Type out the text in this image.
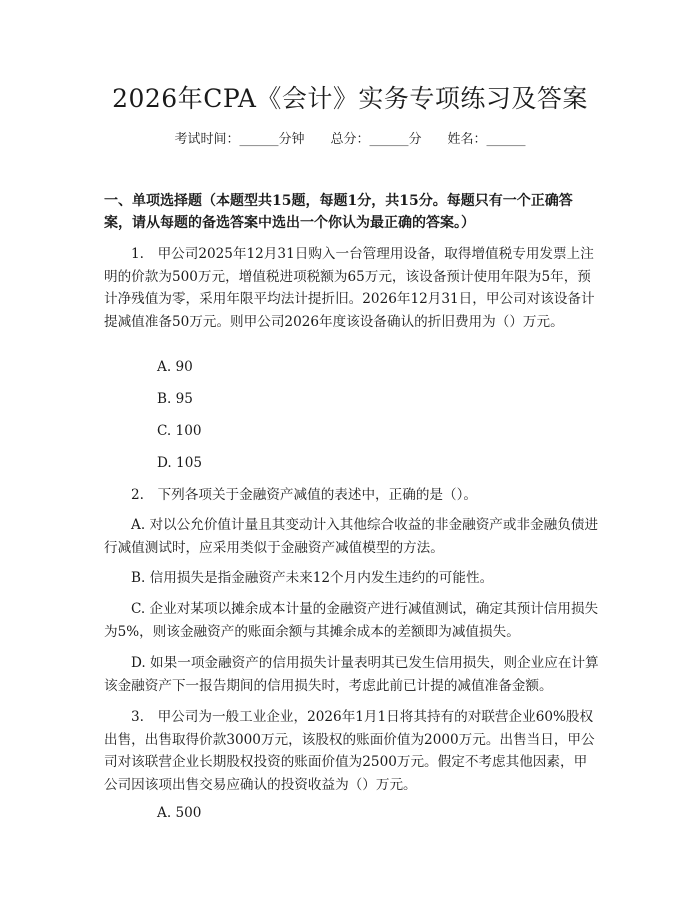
2026年CPA《会计》实务专项练习及答案
考试时间：______分钟 总分：______分 姓名：______
一、单项选择题（本题型共15题，每题1分，共15分。每题只有一个正确答案，请从每题的备选答案中选出一个你认为最正确的答案。）
1.　甲公司2025年12月31日购入一台管理用设备，取得增值税专用发票上注明的价款为500万元，增值税进项税额为65万元，该设备预计使用年限为5年，预计净残值为零，采用年限平均法计提折旧。2026年12月31日，甲公司对该设备计提减值准备50万元。则甲公司2026年度该设备确认的折旧费用为（）万元。
A. 90
B. 95
C. 100
D. 105
2.　下列各项关于金融资产减值的表述中，正确的是（）。
A. 对以公允价值计量且其变动计入其他综合收益的非金融资产或非金融负债进行减值测试时，应采用类似于金融资产减值模型的方法。
B. 信用损失是指金融资产未来12个月内发生违约的可能性。
C. 企业对某项以摊余成本计量的金融资产进行减值测试，确定其预计信用损失为5%，则该金融资产的账面余额与其摊余成本的差额即为减值损失。
D. 如果一项金融资产的信用损失计量表明其已发生信用损失，则企业应在计算该金融资产下一报告期间的信用损失时，考虑此前已计提的减值准备金额。
3.　甲公司为一般工业企业，2026年1月1日将其持有的对联营企业60%股权出售，出售取得价款3000万元，该股权的账面价值为2000万元。出售当日，甲公司对该联营企业长期股权投资的账面价值为2500万元。假定不考虑其他因素，甲公司因该项出售交易应确认的投资收益为（）万元。
A. 500
